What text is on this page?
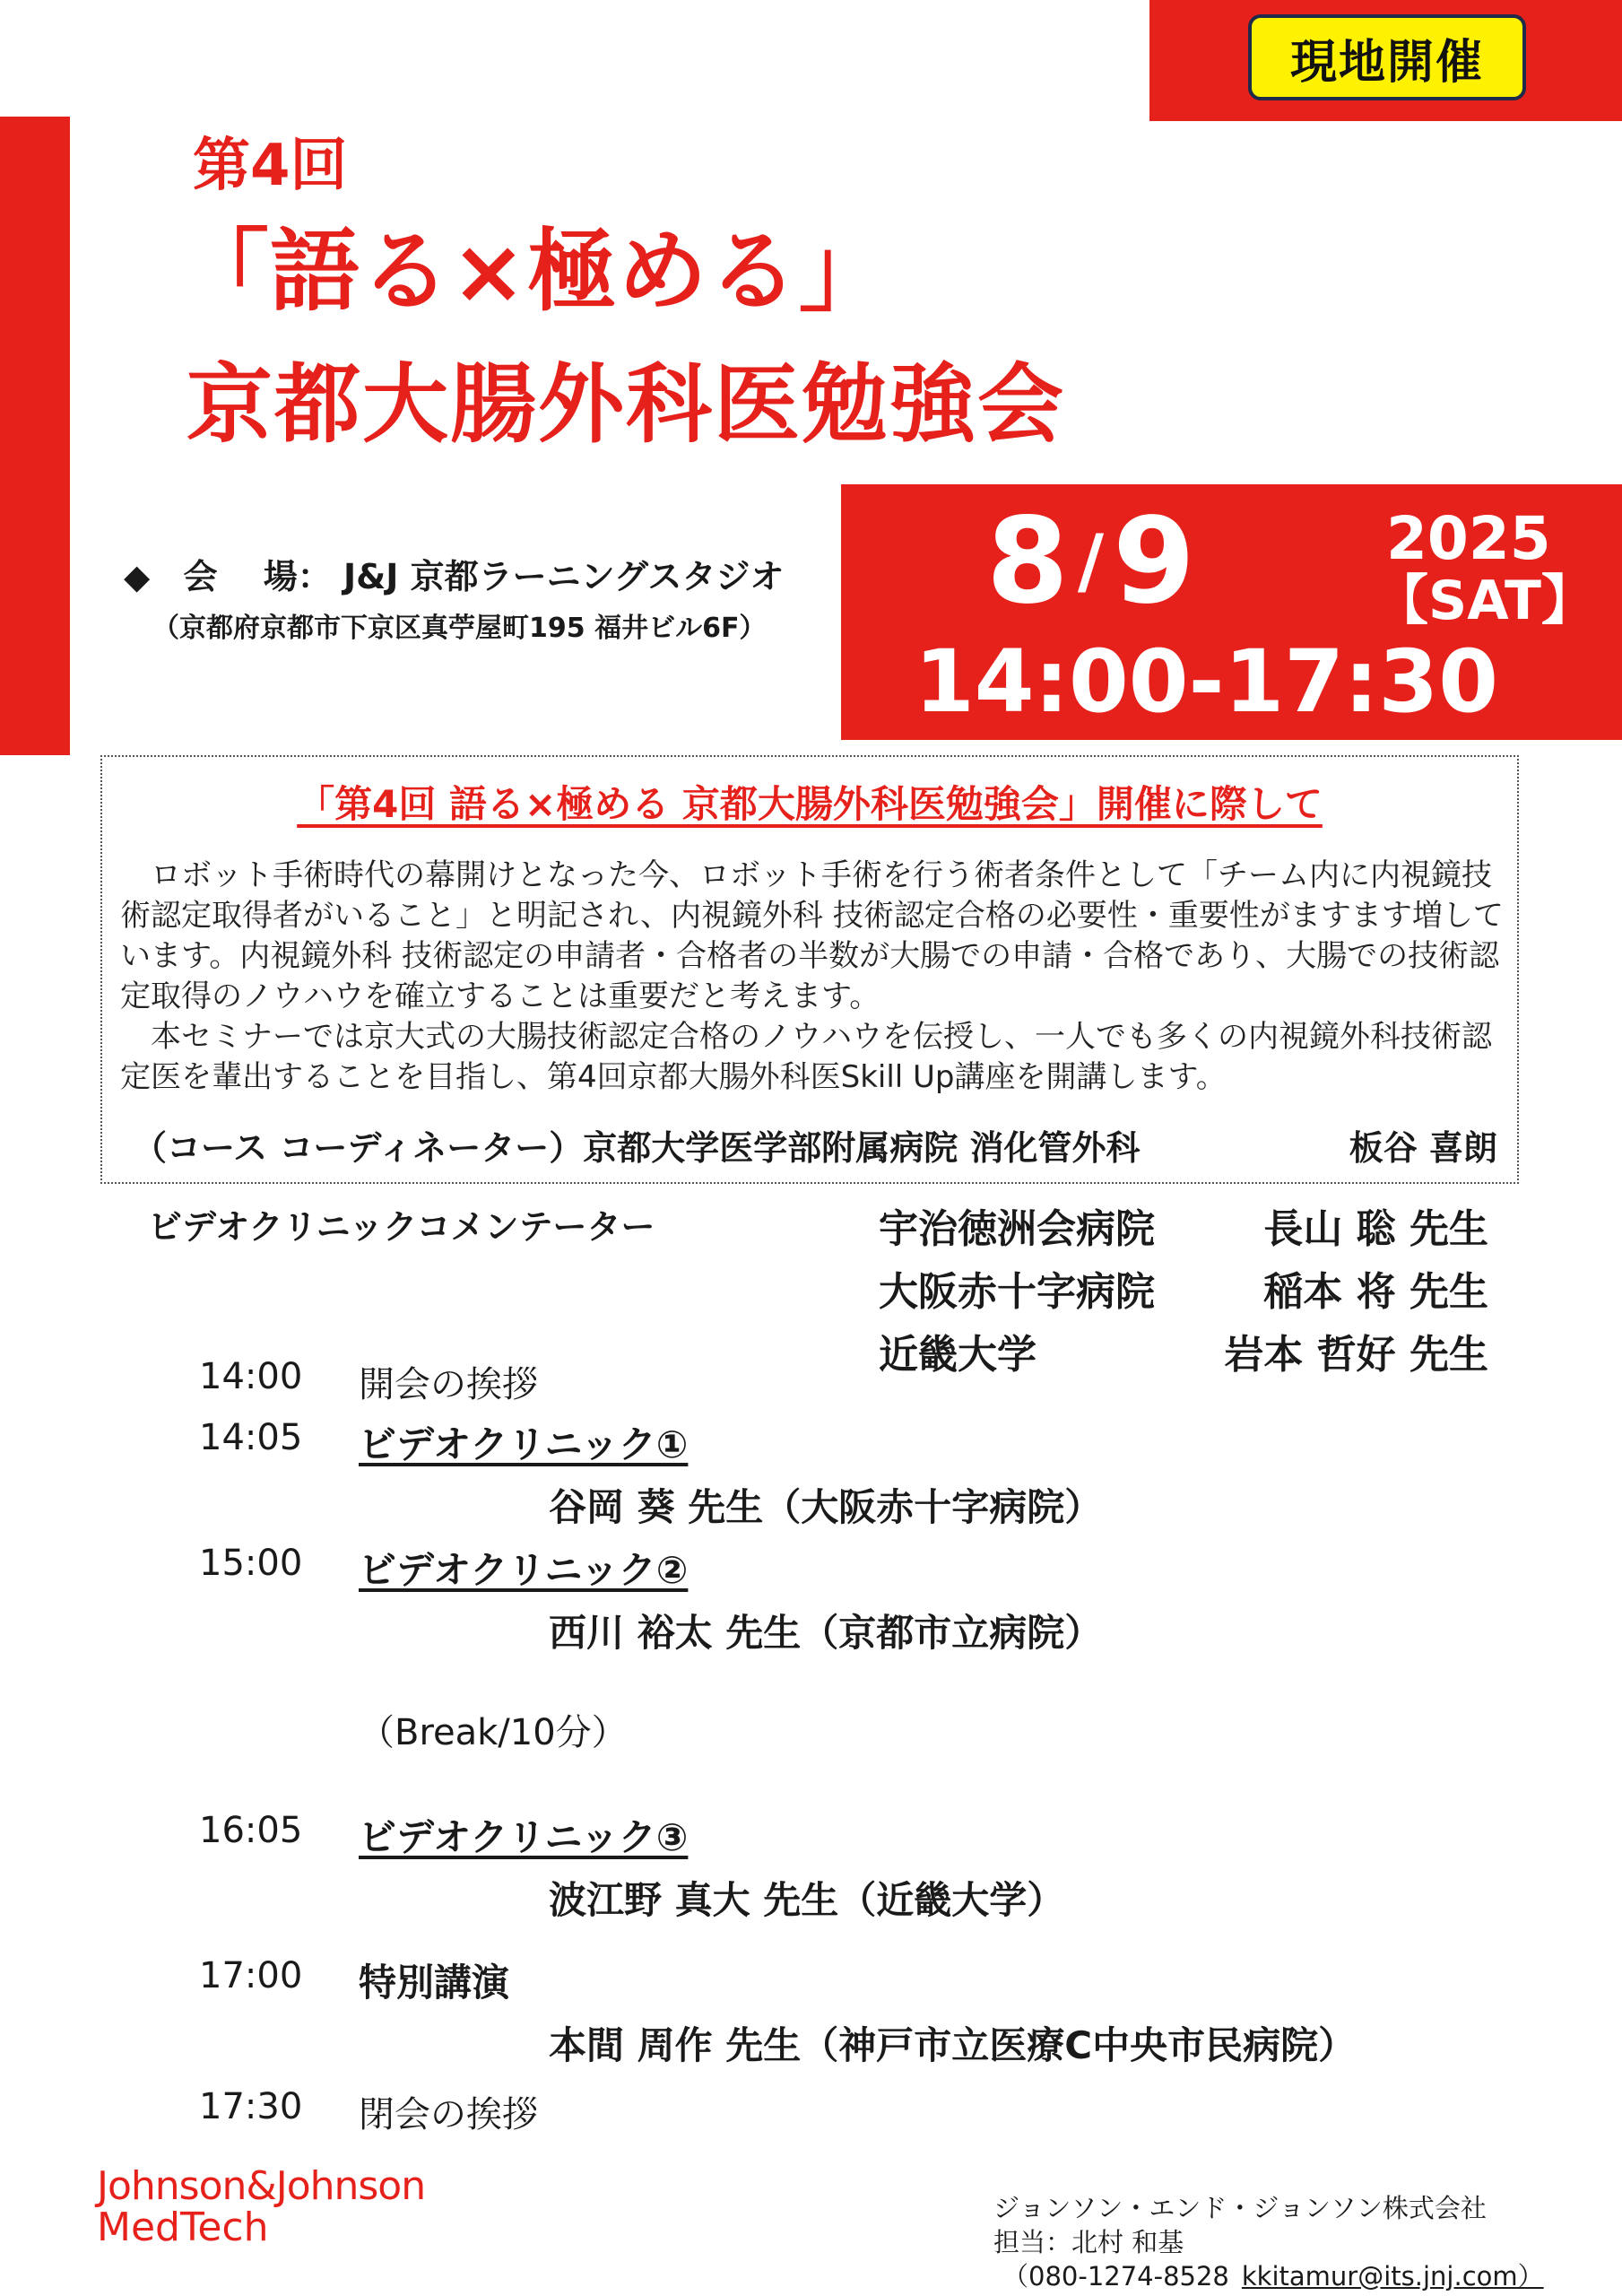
現地開催
第4回
「語る×極める」
京都大腸外科医勉強会
◆ 会　 場： J&J 京都ラーニングスタジオ
（京都府京都市下京区真苧屋町195 福井ビル6F） 8 /9	2025
【SAT】
14:00-17:30
「第4回 語る×極める 京都大腸外科医勉強会」開催に際して

ロボット手術時代の幕開けとなった今、ロボット手術を行う術者条件として「チーム内に内視鏡技術認定取得者がいること」と明記され、内視鏡外科 技術認定合格の必要性・重要性がますます増しています。内視鏡外科 技術認定の申請者・合格者の半数が大腸での申請・合格であり、大腸での技術認定取得のノウハウを確立することは重要だと考えます。

本セミナーでは京大式の大腸技術認定合格のノウハウを伝授し、一人でも多くの内視鏡外科技術認定医を輩出することを目指し、第4回京都大腸外科医Skill Up講座を開講します。

（コース コーディネーター）京都大学医学部附属病院 消化管外科	板谷 喜朗
ビデオクリニックコメンテーター	宇治徳洲会病院	長山 聡 先生
大阪赤十字病院	稲本 将 先生
近畿大学	岩本 哲好 先生
14:00 開会の挨拶
14:05 ビデオクリニック①
谷岡 葵 先生（大阪赤十字病院）
15:00 ビデオクリニック②
西川 裕太 先生（京都市立病院）
（Break/10分）
16:05 ビデオクリニック③
波江野 真大 先生（近畿大学）
17:00 特別講演
本間 周作 先生（神戸市立医療C中央市民病院）
17:30 閉会の挨拶
Johnson&Johnson
MedTech	ジョンソン・エンド・ジョンソン株式会社
担当：北村 和基
（080-1274-8528 kkitamur@its.jnj.com）
